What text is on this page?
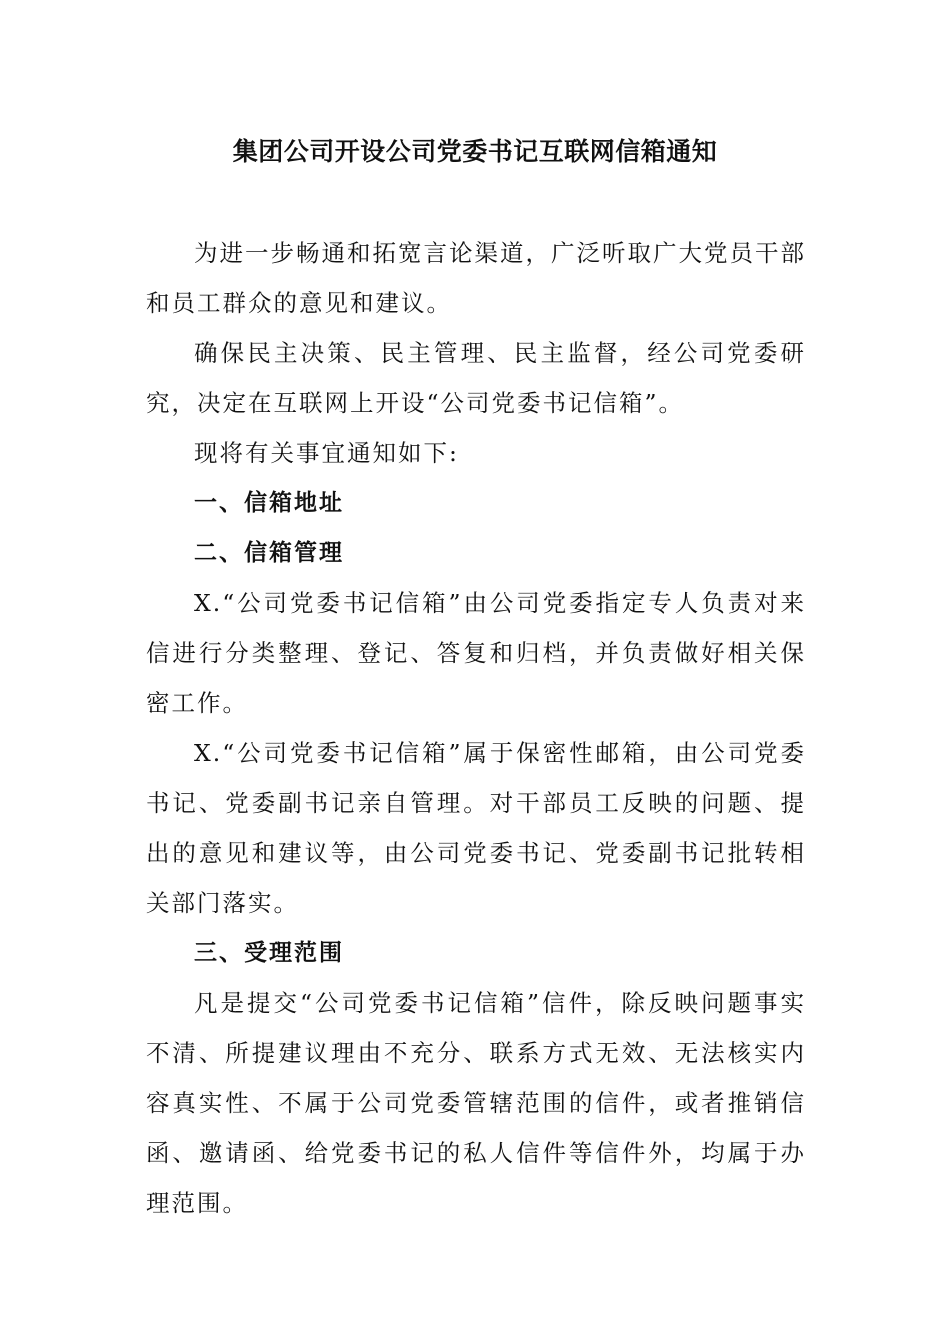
集团公司开设公司党委书记互联网信箱通知

为进一步畅通和拓宽言论渠道，广泛听取广大党员干部和员工群众的意见和建议。

确保民主决策、民主管理、民主监督，经公司党委研究，决定在互联网上开设“公司党委书记信箱”。

现将有关事宜通知如下:

一、信箱地址

二、信箱管理

X.“公司党委书记信箱”由公司党委指定专人负责对来信进行分类整理、登记、答复和归档，并负责做好相关保密工作。

X.“公司党委书记信箱”属于保密性邮箱，由公司党委书记、党委副书记亲自管理。对干部员工反映的问题、提出的意见和建议等，由公司党委书记、党委副书记批转相关部门落实。

三、受理范围

凡是提交“公司党委书记信箱”信件，除反映问题事实不清、所提建议理由不充分、联系方式无效、无法核实内容真实性、不属于公司党委管辖范围的信件，或者推销信函、邀请函、给党委书记的私人信件等信件外，均属于办理范围。
